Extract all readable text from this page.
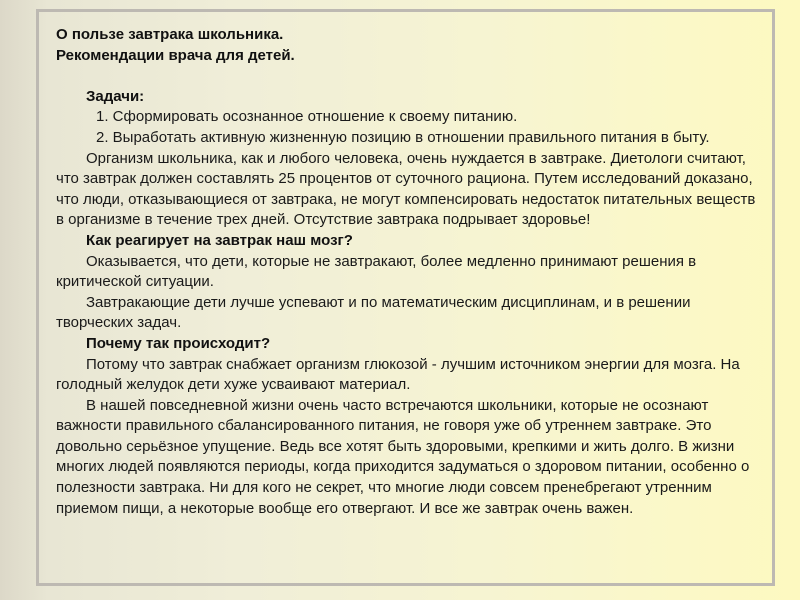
О пользе завтрака школьника.
Рекомендации врача для детей.

Задачи:

1. Сформировать осознанное отношение к своему питанию.

2. Выработать активную жизненную позицию в отношении правильного питания в быту.

Организм школьника, как и любого человека, очень нуждается в завтраке. Диетологи считают, что завтрак должен составлять 25 процентов от суточного рациона. Путем исследований доказано, что люди, отказывающиеся от завтрака, не могут компенсировать недостаток питательных веществ в организме в течение трех дней. Отсутствие завтрака подрывает здоровье!

Как реагирует на завтрак наш мозг?

Оказывается, что дети, которые не завтракают, более медленно принимают решения в критической ситуации.

Завтракающие дети лучше успевают и по математическим дисциплинам, и в решении творческих задач.

Почему так происходит?

Потому что завтрак снабжает организм глюкозой - лучшим источником энергии для мозга. На голодный желудок дети хуже усваивают материал.

В нашей повседневной жизни очень часто встречаются школьники, которые не осознают важности правильного сбалансированного питания, не говоря уже об утреннем завтраке. Это довольно серьёзное упущение. Ведь все хотят быть здоровыми, крепкими и жить долго. В жизни многих людей появляются периоды, когда приходится задуматься о здоровом питании, особенно о полезности завтрака. Ни для кого не секрет, что многие люди совсем пренебрегают утренним приемом пищи, а некоторые вообще его отвергают. И все же завтрак очень важен.
